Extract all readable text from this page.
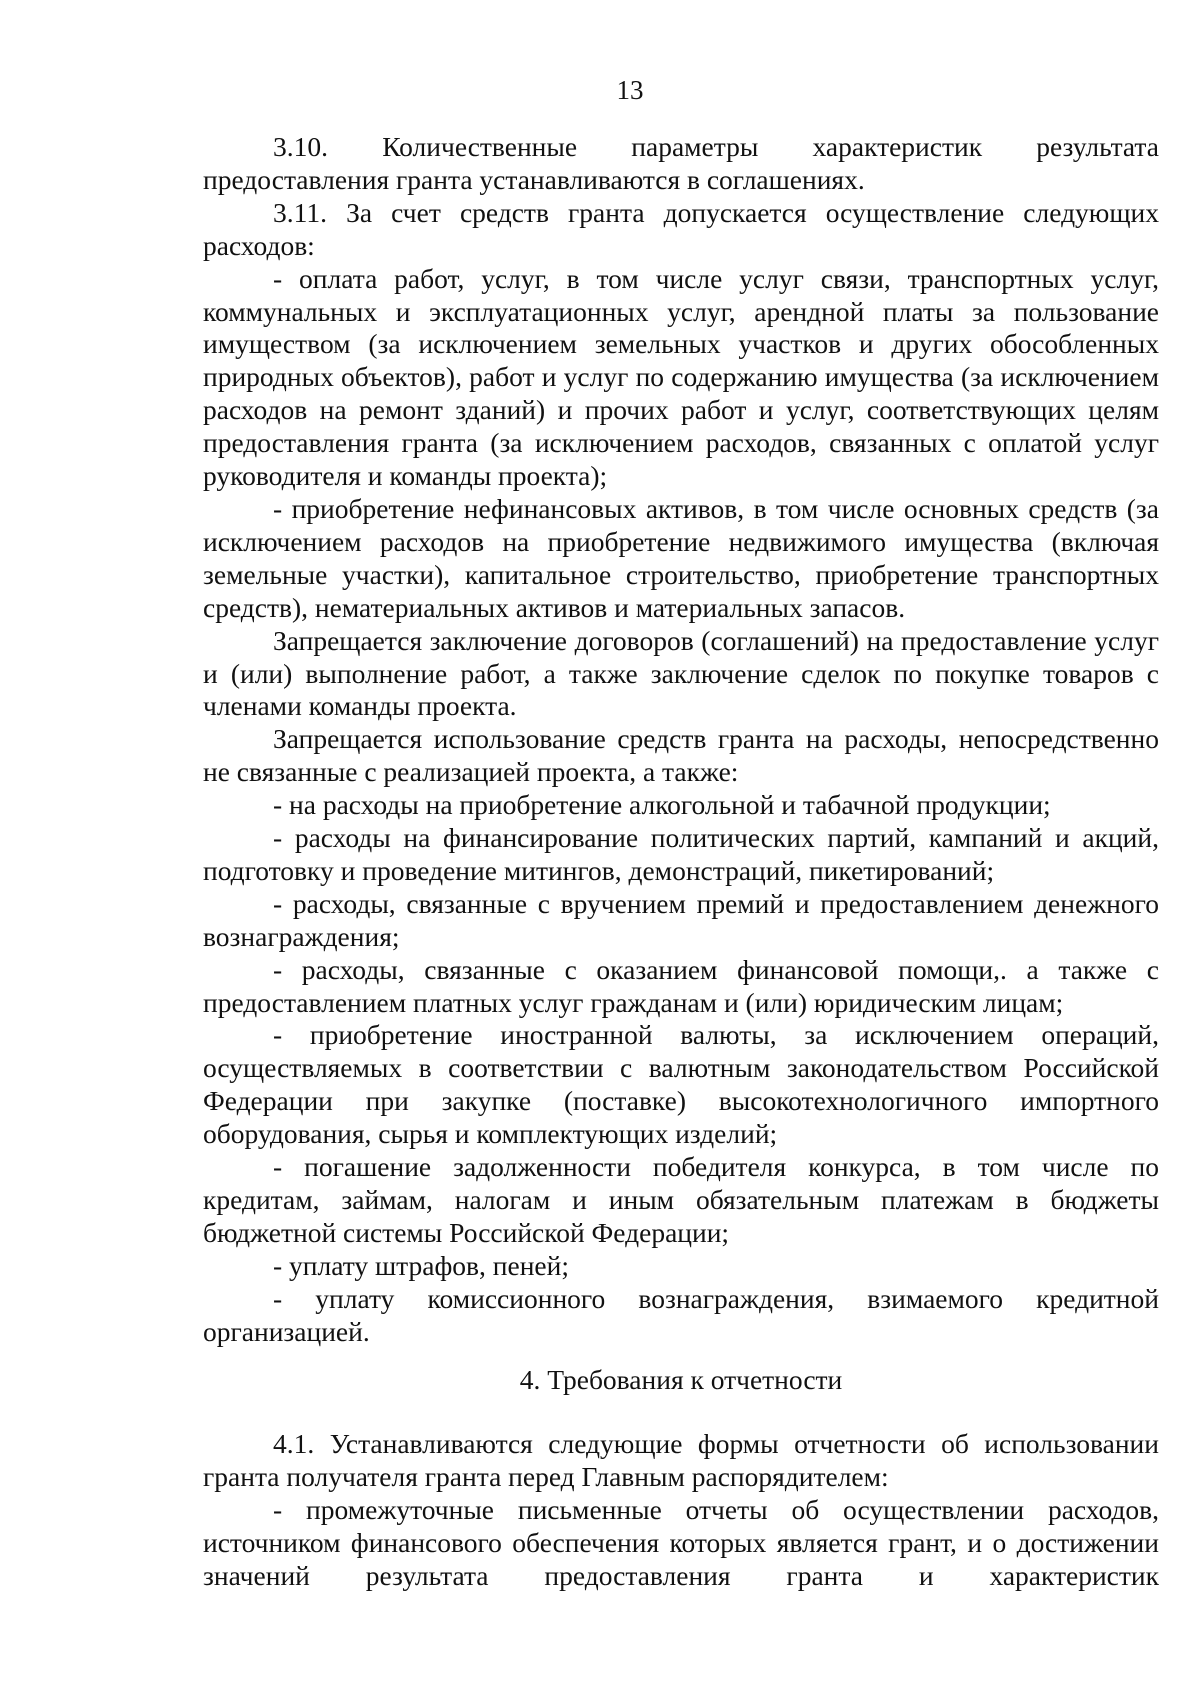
13

3.10. Количественные параметры характеристик результата предоставления гранта устанавливаются в соглашениях.

3.11. За счет средств гранта допускается осуществление следующих расходов:

- оплата работ, услуг, в том числе услуг связи, транспортных услуг, коммунальных и эксплуатационных услуг, арендной платы за пользование имуществом (за исключением земельных участков и других обособленных природных объектов), работ и услуг по содержанию имущества (за исключением расходов на ремонт зданий) и прочих работ и услуг, соответствующих целям предоставления гранта (за исключением расходов, связанных с оплатой услуг руководителя и команды проекта);

- приобретение нефинансовых активов, в том числе основных средств (за исключением расходов на приобретение недвижимого имущества (включая земельные участки), капитальное строительство, приобретение транспортных средств), нематериальных активов и материальных запасов.

Запрещается заключение договоров (соглашений) на предоставление услуг и (или) выполнение работ, а также заключение сделок по покупке товаров с членами команды проекта.

Запрещается использование средств гранта на расходы, непосредственно не связанные с реализацией проекта, а также:

- на расходы на приобретение алкогольной и табачной продукции;

- расходы на финансирование политических партий, кампаний и акций, подготовку и проведение митингов, демонстраций, пикетирований;

- расходы, связанные с вручением премий и предоставлением денежного вознаграждения;

- расходы, связанные с оказанием финансовой помощи,. а также с предоставлением платных услуг гражданам и (или) юридическим лицам;

- приобретение иностранной валюты, за исключением операций, осуществляемых в соответствии с валютным законодательством Российской Федерации при закупке (поставке) высокотехнологичного импортного оборудования, сырья и комплектующих изделий;

- погашение задолженности победителя конкурса, в том числе по кредитам, займам, налогам и иным обязательным платежам в бюджеты бюджетной системы Российской Федерации;

- уплату штрафов, пеней;

- уплату комиссионного вознаграждения, взимаемого кредитной организацией.

4. Требования к отчетности

4.1. Устанавливаются следующие формы отчетности об использовании гранта получателя гранта перед Главным распорядителем:

- промежуточные письменные отчеты об осуществлении расходов, источником финансового обеспечения которых является грант, и о достижении значений результата предоставления гранта и характеристик
